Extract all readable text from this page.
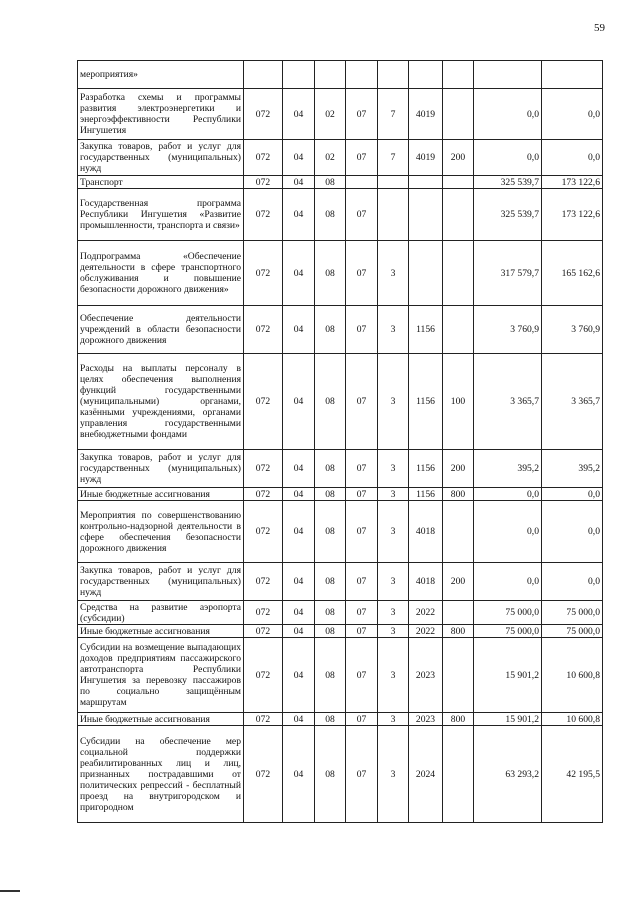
59
мероприятия»									
Разработка схемы и программы развития электроэнергетики и энергоэффективности Республики Ингушетия	072	04	02	07	7	4019		0,0	0,0
Закупка товаров, работ и услуг для государственных (муниципальных) нужд	072	04	02	07	7	4019	200	0,0	0,0
Транспорт	072	04	08					325 539,7	173 122,6
Государственная программа Республики Ингушетия «Развитие промышленности, транспорта и связи»	072	04	08	07				325 539,7	173 122,6
Подпрограмма «Обеспечение деятельности в сфере транспортного обслуживания и повышение безопасности дорожного движения»	072	04	08	07	3			317 579,7	165 162,6
Обеспечение деятельности учреждений в области безопасности дорожного движения	072	04	08	07	3	1156		3 760,9	3 760,9
Расходы на выплаты персоналу в целях обеспечения выполнения функций государственными (муниципальными) органами, казёнными учреждениями, органами управления государственными внебюджетными фондами	072	04	08	07	3	1156	100	3 365,7	3 365,7
Закупка товаров, работ и услуг для государственных (муниципальных) нужд	072	04	08	07	3	1156	200	395,2	395,2
Иные бюджетные ассигнования	072	04	08	07	3	1156	800	0,0	0,0
Мероприятия по совершенствованию контрольно-надзорной деятельности в сфере обеспечения безопасности дорожного движения	072	04	08	07	3	4018		0,0	0,0
Закупка товаров, работ и услуг для государственных (муниципальных) нужд	072	04	08	07	3	4018	200	0,0	0,0
Средства на развитие аэропорта (субсидии)	072	04	08	07	3	2022		75 000,0	75 000,0
Иные бюджетные ассигнования	072	04	08	07	3	2022	800	75 000,0	75 000,0
Субсидии на возмещение выпадающих доходов предприятиям пассажирского автотранспорта Республики Ингушетия за перевозку пассажиров по социально защищённым маршрутам	072	04	08	07	3	2023		15 901,2	10 600,8
Иные бюджетные ассигнования	072	04	08	07	3	2023	800	15 901,2	10 600,8
Субсидии на обеспечение мер социальной поддержки реабилитированных лиц и лиц, признанных пострадавшими от политических репрессий - бесплатный проезд на внутригородском и пригородном	072	04	08	07	3	2024		63 293,2	42 195,5
